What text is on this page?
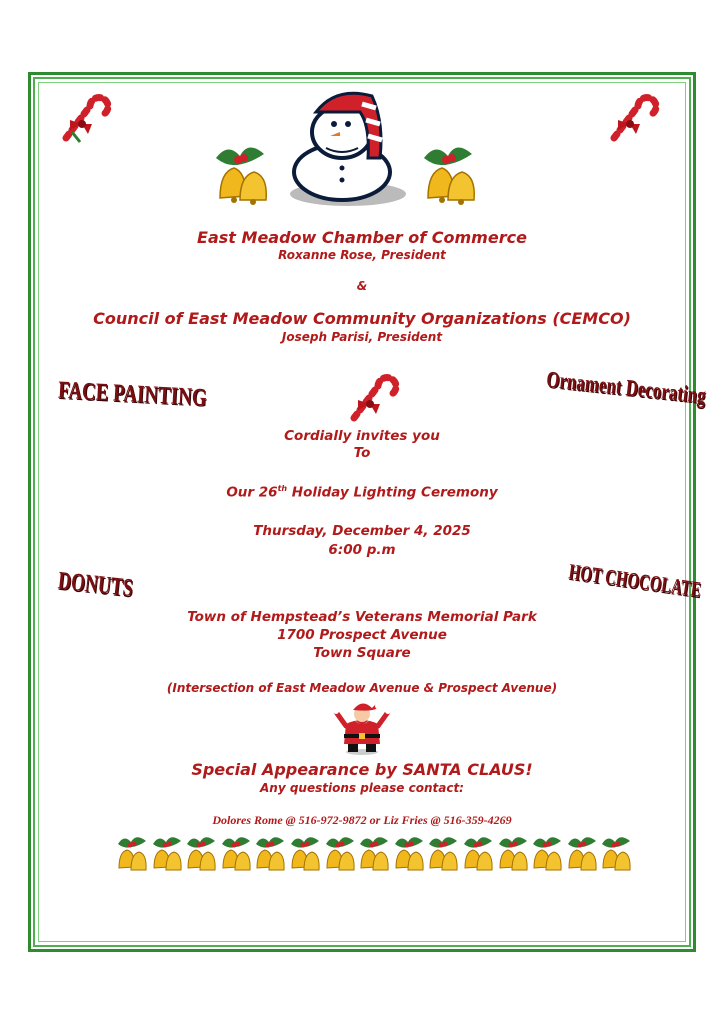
East Meadow Chamber of Commerce
Roxanne Rose, President
&
Council of East Meadow Community Organizations (CEMCO)
Joseph Parisi, President
FACE PAINTING	Ornament Decorating
DONUTS	HOT CHOCOLATE
Cordially invites you
To
Our 26th Holiday Lighting Ceremony
Thursday, December 4, 2025
6:00 p.m
Town of Hempstead’s Veterans Memorial Park
1700 Prospect Avenue
Town Square
(Intersection of East Meadow Avenue & Prospect Avenue)
Special Appearance by SANTA CLAUS!
Any questions please contact:
Dolores Rome @ 516-972-9872 or Liz Fries @ 516-359-4269
